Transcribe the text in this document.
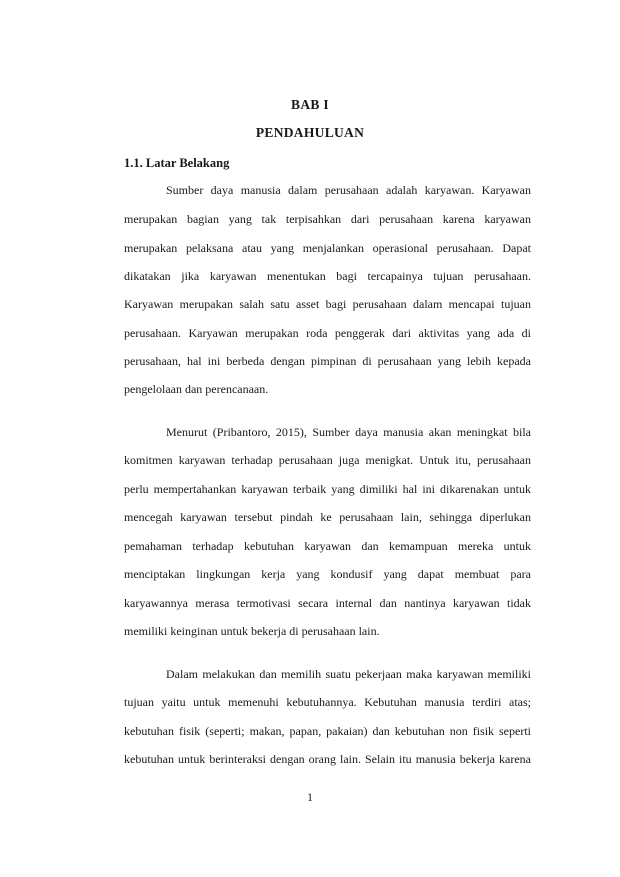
BAB I
PENDAHULUAN
1.1. Latar Belakang
Sumber daya manusia dalam perusahaan adalah karyawan. Karyawan
merupakan bagian yang tak terpisahkan dari perusahaan karena karyawan
merupakan pelaksana atau yang menjalankan operasional perusahaan. Dapat
dikatakan jika karyawan menentukan bagi tercapainya tujuan perusahaan.
Karyawan merupakan salah satu asset bagi perusahaan dalam mencapai tujuan
perusahaan. Karyawan merupakan roda penggerak dari aktivitas yang ada di
perusahaan, hal ini berbeda dengan pimpinan di perusahaan yang lebih kepada
pengelolaan dan perencanaan.
Menurut (Pribantoro, 2015), Sumber daya manusia akan meningkat bila
komitmen karyawan terhadap perusahaan juga menigkat. Untuk itu, perusahaan
perlu mempertahankan karyawan terbaik yang dimiliki hal ini dikarenakan untuk
mencegah karyawan tersebut pindah ke perusahaan lain, sehingga diperlukan
pemahaman terhadap kebutuhan karyawan dan kemampuan mereka untuk
menciptakan lingkungan kerja yang kondusif yang dapat membuat para
karyawannya merasa termotivasi secara internal dan nantinya karyawan tidak
memiliki keinginan untuk bekerja di perusahaan lain.
Dalam melakukan dan memilih suatu pekerjaan maka karyawan memiliki
tujuan yaitu untuk memenuhi kebutuhannya. Kebutuhan manusia terdiri atas;
kebutuhan fisik (seperti; makan, papan, pakaian) dan kebutuhan non fisik seperti
kebutuhan untuk berinteraksi dengan orang lain. Selain itu manusia bekerja karena
1
